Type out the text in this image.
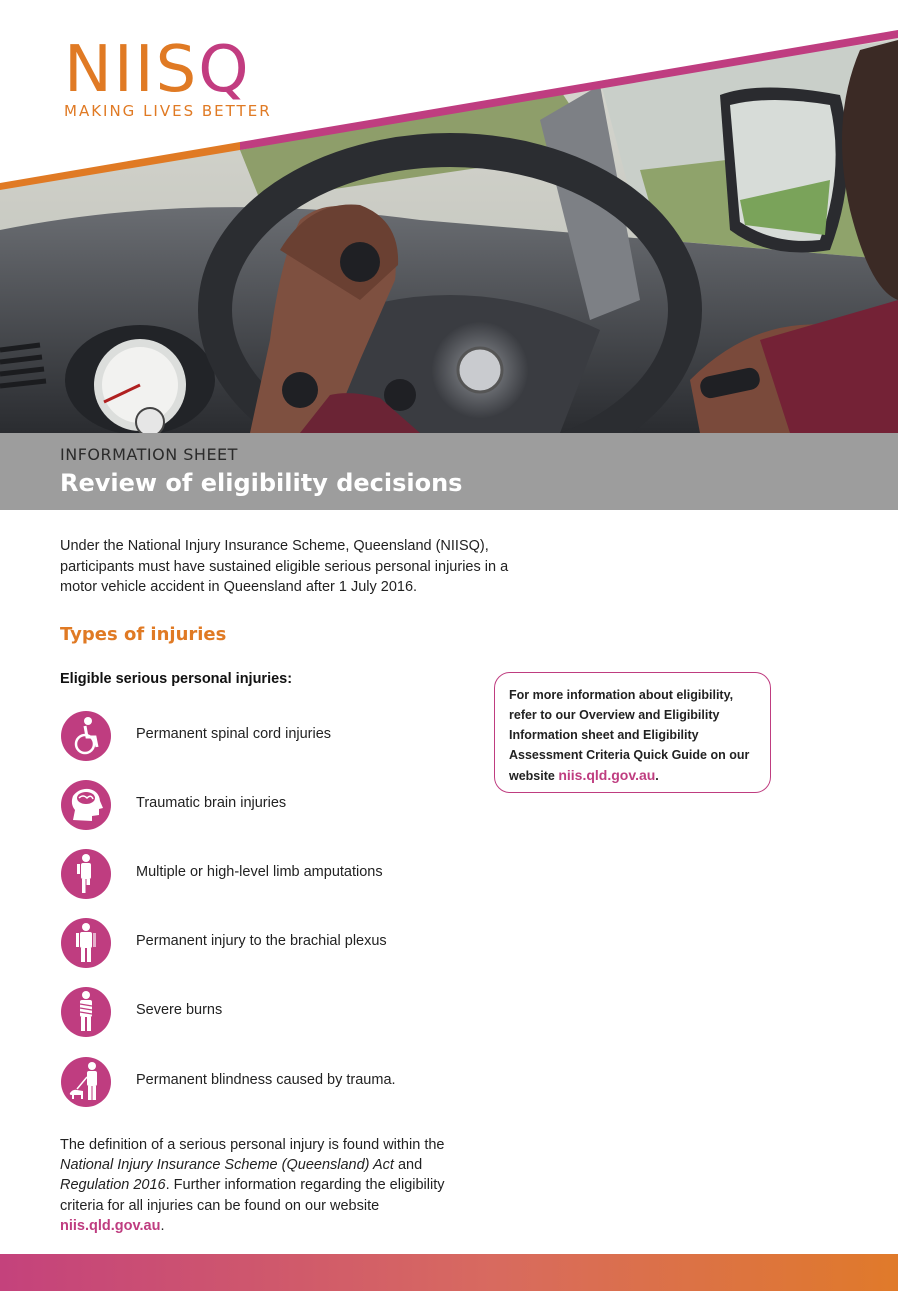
NIISQ
MAKING LIVES BETTER
INFORMATION SHEET
Review of eligibility decisions
Under the National Injury Insurance Scheme, Queensland (NIISQ), participants must have sustained eligible serious personal injuries in a motor vehicle accident in Queensland after 1 July 2016.
Types of injuries
Eligible serious personal injuries:
Permanent spinal cord injuries
Traumatic brain injuries
Multiple or high-level limb amputations
Permanent injury to the brachial plexus
Severe burns
Permanent blindness caused by trauma.
For more information about eligibility, refer to our Overview and Eligibility Information sheet and Eligibility Assessment Criteria Quick Guide on our website niis.qld.gov.au.
The definition of a serious personal injury is found within the National Injury Insurance Scheme (Queensland) Act and Regulation 2016. Further information regarding the eligibility criteria for all injuries can be found on our website niis.qld.gov.au.
